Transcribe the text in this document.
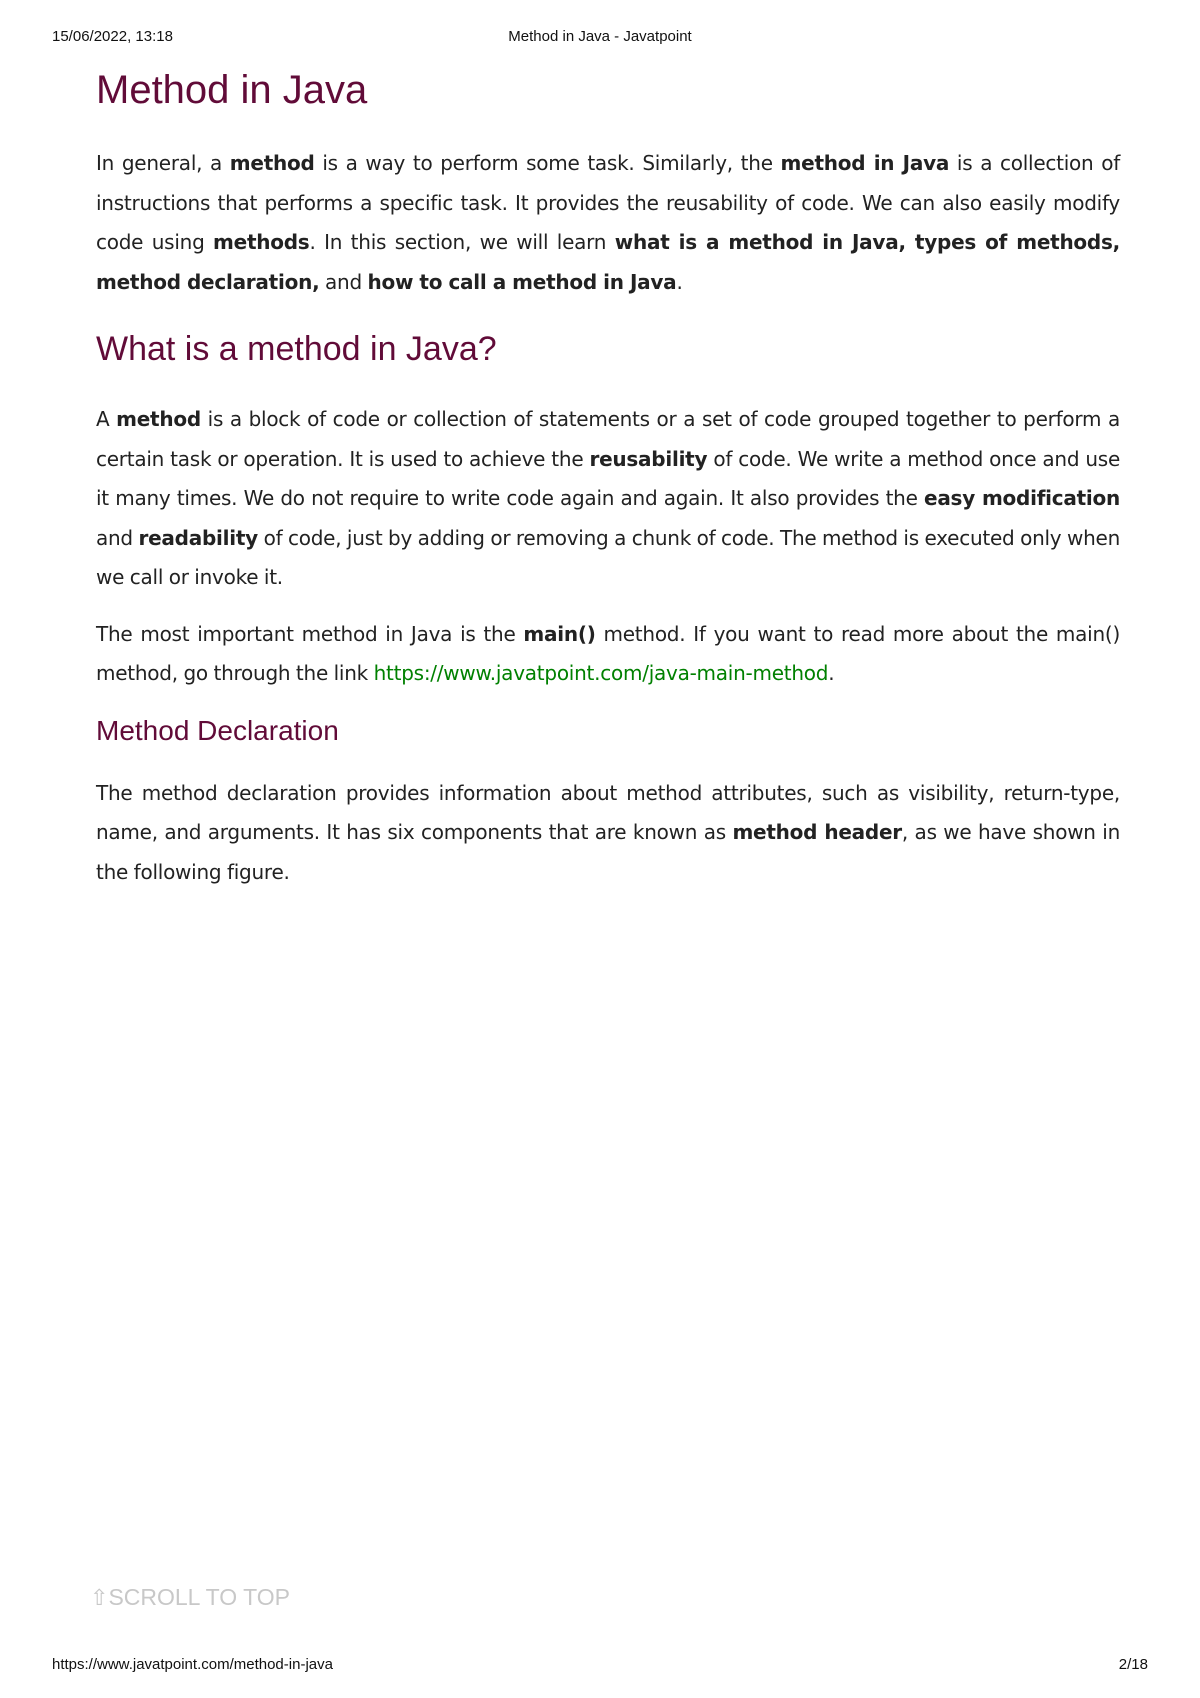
15/06/2022, 13:18	Method in Java - Javatpoint
Method in Java

In general, a method is a way to perform some task. Similarly, the method in Java is a collection of instructions that performs a specific task. It provides the reusability of code. We can also easily modify code using methods. In this section, we will learn what is a method in Java, types of methods, method declaration, and how to call a method in Java.

What is a method in Java?

A method is a block of code or collection of statements or a set of code grouped together to perform a certain task or operation. It is used to achieve the reusability of code. We write a method once and use it many times. We do not require to write code again and again. It also provides the easy modification and readability of code, just by adding or removing a chunk of code. The method is executed only when we call or invoke it.

The most important method in Java is the main() method. If you want to read more about the main() method, go through the link https://www.javatpoint.com/java-main-method.

Method Declaration

The method declaration provides information about method attributes, such as visibility, return-type, name, and arguments. It has six components that are known as method header, as we have shown in the following figure.

⇧SCROLL TO TOP
https://www.javatpoint.com/method-in-java	2/18
